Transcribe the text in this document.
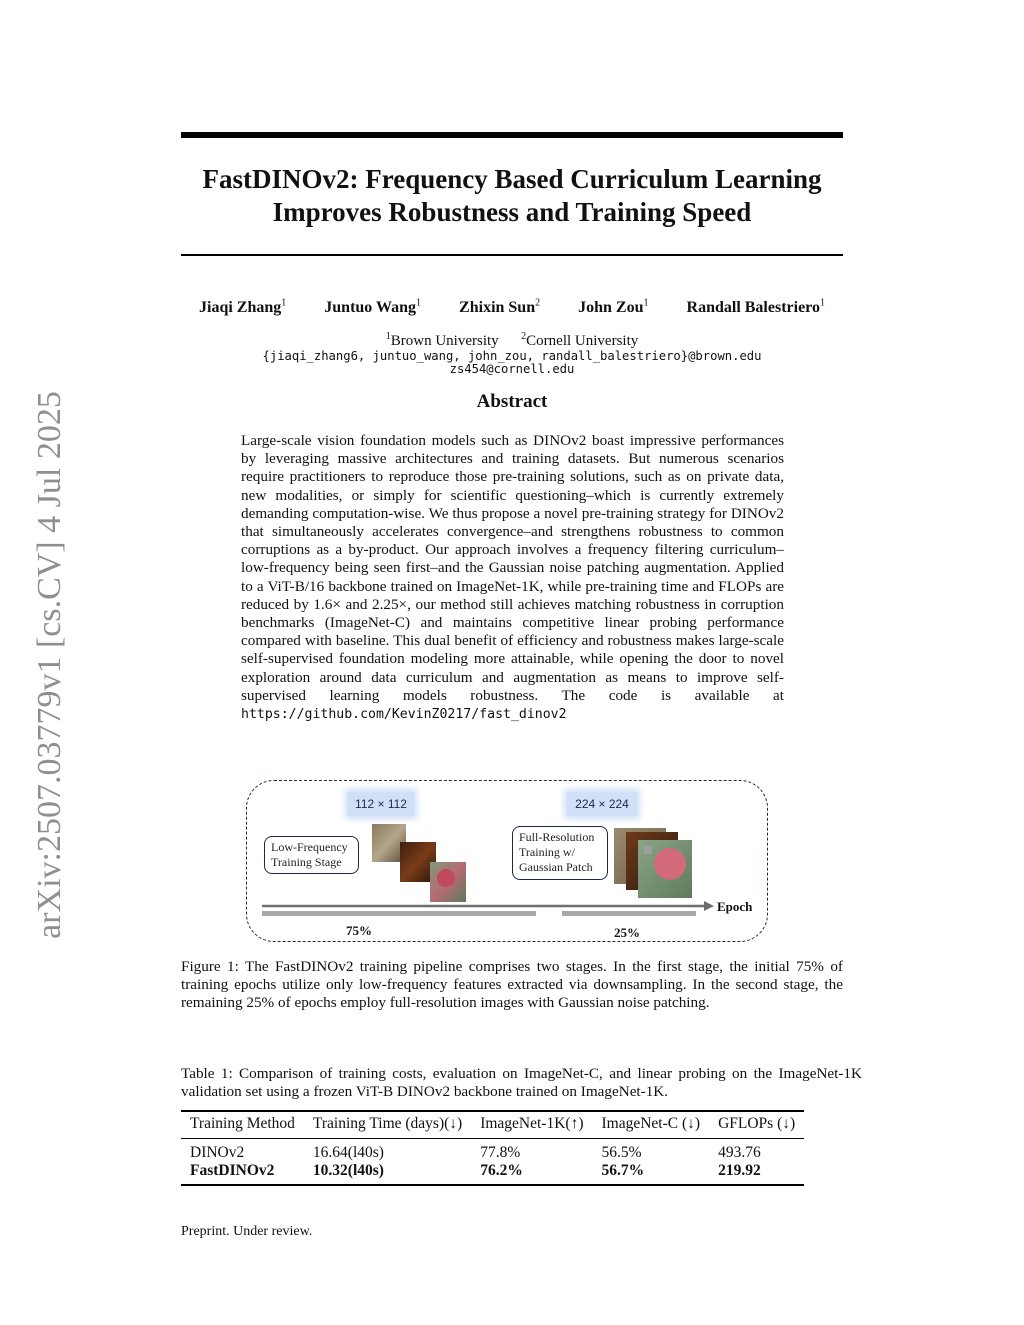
arXiv:2507.03779v1 [cs.CV] 4 Jul 2025
FastDINOv2: Frequency Based Curriculum Learning
Improves Robustness and Training Speed
Jiaqi Zhang$^1$ Juntuo Wang$^1$ Zhixin Sun$^2$ John Zou$^1$ Randall Balestriero$^1$
$^1$Brown University $^2$Cornell University
{jiaqi_zhang6, juntuo_wang, john_zou, randall_balestriero}@brown.edu
zs454@cornell.edu
Abstract
Large-scale vision foundation models such as DINOv2 boast impressive performances by leveraging massive architectures and training datasets. But numerous scenarios require practitioners to reproduce those pre-training solutions, such as on private data, new modalities, or simply for scientific questioning–which is currently extremely demanding computation-wise. We thus propose a novel pre-training strategy for DINOv2 that simultaneously accelerates convergence–and strengthens robustness to common corruptions as a by-product. Our approach involves a frequency filtering curriculum–low-frequency being seen first–and the Gaussian noise patching augmentation. Applied to a ViT-B/16 backbone trained on ImageNet-1K, while pre-training time and FLOPs are reduced by 1.6× and 2.25×, our method still achieves matching robustness in corruption benchmarks (ImageNet-C) and maintains competitive linear probing performance compared with baseline. This dual benefit of efficiency and robustness makes large-scale self-supervised foundation modeling more attainable, while opening the door to novel exploration around data curriculum and augmentation as means to improve self-supervised learning models robustness. The code is available at https://github.com/KevinZ0217/fast_dinov2
112 × 112	224 × 224
Low-Frequency Training Stage
Full-Resolution Training w/ Gaussian Patch
Epoch
75%	25%
Figure 1: The FastDINOv2 training pipeline comprises two stages. In the first stage, the initial 75% of training epochs utilize only low-frequency features extracted via downsampling. In the second stage, the remaining 25% of epochs employ full-resolution images with Gaussian noise patching.
Table 1: Comparison of training costs, evaluation on ImageNet-C, and linear probing on the ImageNet-1K validation set using a frozen ViT-B DINOv2 backbone trained on ImageNet-1K.
Training Method	Training Time (days)(↓)	ImageNet-1K(↑)	ImageNet-C (↓)	GFLOPs (↓)
DINOv2	16.64(l40s)	77.8%	56.5%	493.76
FastDINOv2	10.32(l40s)	76.2%	56.7%	219.92
Preprint. Under review.
